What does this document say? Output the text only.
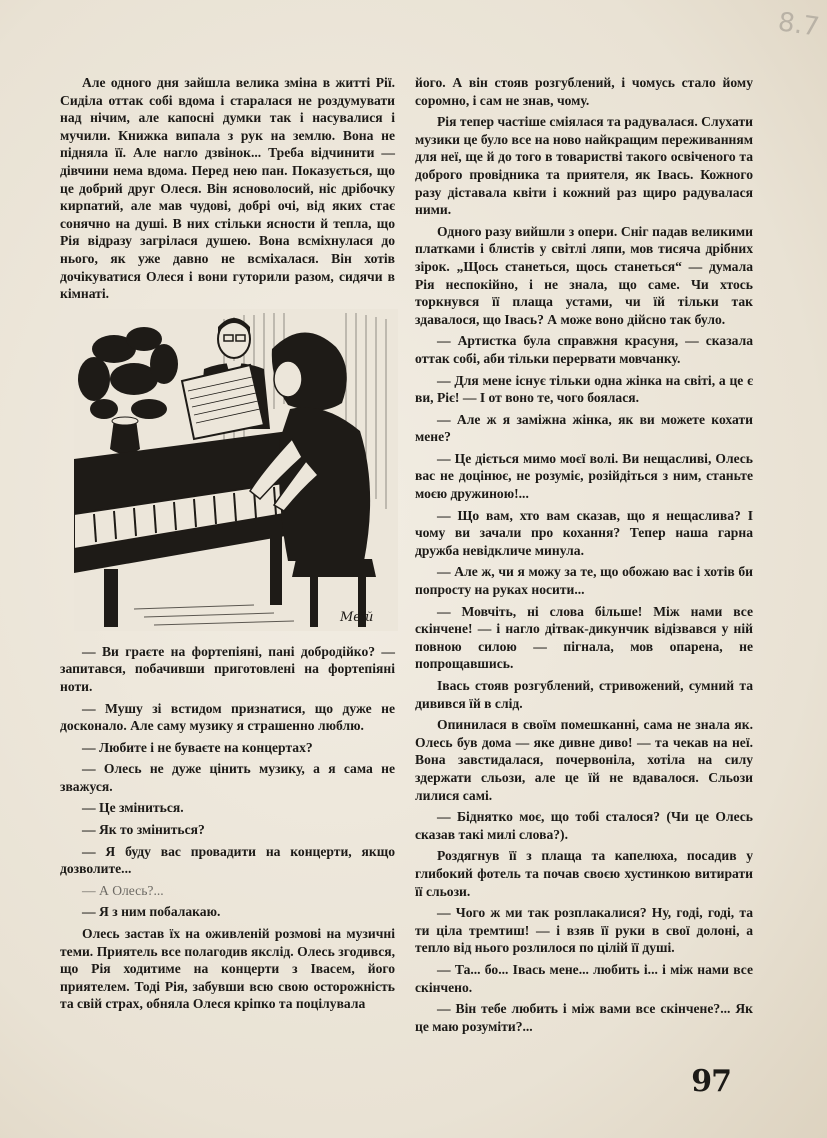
8.7

Але одного дня зайшла велика зміна в житті Рії. Сиділа оттак собі вдома і старалася не роздумувати над нічим, але капосні думки так і насувалися і мучили. Книжка випала з рук на землю. Вона не підняла її. Але нагло дзвінок... Треба відчинити — дівчини нема вдома. Перед нею пан. Показується, що це добрий друг Олеся. Він ясноволосий, ніс дрібочку кирпатий, але мав чудові, добрі очі, від яких стає сонячно на душі. В них стільки ясности й тепла, що Рія відразу загрілася душею. Вона всміхнулася до нього, як уже давно не всміхалася. Він хотів дочікуватися Олеся і вони гуторили разом, сидячи в кімнаті.

Мвій

— Ви граєте на фортепіяні, пані добродійко? — запитався, побачивши приготовлені на фортепіяні ноти.

— Мушу зі встидом признатися, що дуже не досконало. Але саму музику я страшенно люблю.

— Любите і не буваєте на концертах?

— Олесь не дуже цінить музику, а я сама не зважуся.

— Це зміниться.

— Як то зміниться?

— Я буду вас провадити на концерти, якщо дозволите...

— А Олесь?...

— Я з ним побалакаю.

Олесь застав їх на оживленій розмові на музичні теми. Приятель все полагодив якслід. Олесь згодився, що Рія ходитиме на концерти з Івасем, його приятелем. Тоді Рія, забувши всю свою осторожність та свій страх, обняла Олеся кріпко та поцілувала

його. А він стояв розгублений, і чомусь стало йому соромно, і сам не знав, чому.

Рія тепер частіше сміялася та радувалася. Слухати музики це було все на ново найкращим переживанням для неї, ще й до того в товаристві такого освіченого та доброго провідника та приятеля, як Івась. Кожного разу діставала квіти і кожний раз щиро радувалася ними.

Одного разу вийшли з опери. Сніг падав великими платками і блистів у світлі ляпи, мов тисяча дрібних зірок. „Щось станеться, щось станеться“ — думала Рія неспокійно, і не знала, що саме. Чи хтось торкнувся її плаща устами, чи їй тільки так здавалося, що Івась? А може воно дійсно так було.

— Артистка була справжня красуня, — сказала оттак собі, аби тільки перервати мовчанку.

— Для мене існує тільки одна жінка на світі, а це є ви, Ріє! — І от воно те, чого боялася.

— Але ж я заміжна жінка, як ви можете кохати мене?

— Це діється мимо моєї волі. Ви нещасливі, Олесь вас не доцінює, не розуміє, розійдіться з ним, станьте моєю дружиною!...

— Що вам, хто вам сказав, що я нещаслива? І чому ви зачали про кохання? Тепер наша гарна дружба невідкличе минула.

— Але ж, чи я можу за те, що обожаю вас і хотів би попросту на руках носити...

— Мовчіть, ні слова більше! Між нами все скінчене! — і нагло дітвак-дикунчик відізвався у ній повною силою — пігнала, мов опарена, не попрощавшись.

Івась стояв розгублений, стривожений, сумний та дивився їй в слід.

Опинилася в своїм помешканні, сама не знала як. Олесь був дома — яке дивне диво! — та чекав на неї. Вона завстидалася, почервоніла, хотіла на силу здержати сльози, але це їй не вдавалося. Сльози лилися самі.

— Біднятко моє, що тобі сталося? (Чи це Олесь сказав такі милі слова?).

Роздягнув її з плаща та капелюха, посадив у глибокий фотель та почав своєю хустинкою витирати її сльози.

— Чого ж ми так розплакалися? Ну, годі, годі, та ти ціла тремтиш! — і взяв її руки в свої долоні, а тепло від нього розлилося по цілій її душі.

— Та... бо... Івась мене... любить і... і між нами все скінчено.

— Він тебе любить і між вами все скінчене?... Як це маю розуміти?...

97
